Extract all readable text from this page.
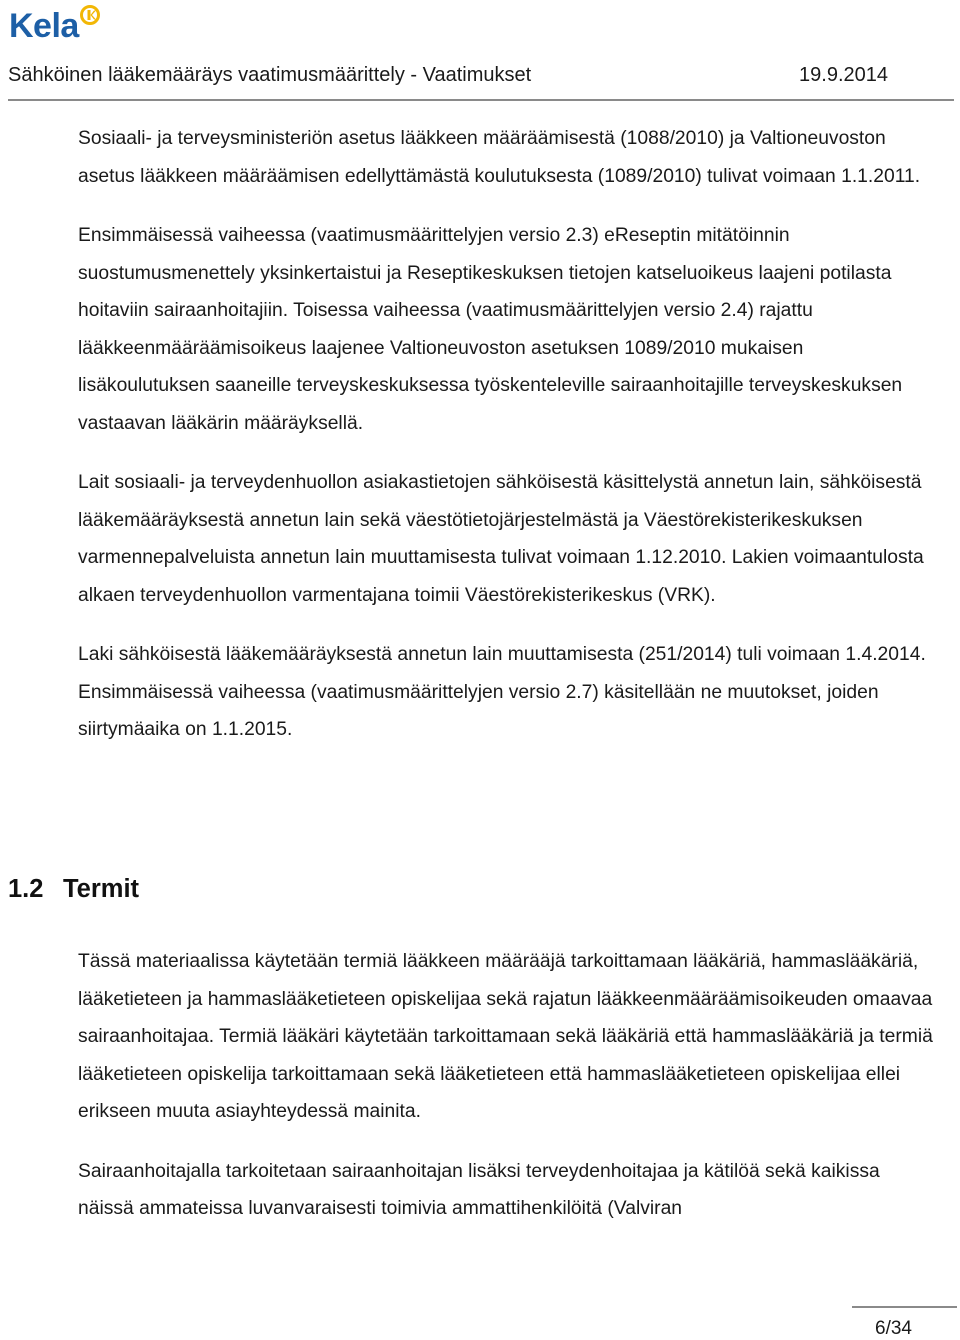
Kela
Sähköinen lääkemääräys vaatimusmäärittely - Vaatimukset	19.9.2014

Sosiaali- ja terveysministeriön asetus lääkkeen määräämisestä (1088/2010) ja Valtioneuvoston asetus lääkkeen määräämisen edellyttämästä koulutuksesta (1089/2010) tulivat voimaan 1.1.2011.

Ensimmäisessä vaiheessa (vaatimusmäärittelyjen versio 2.3) eReseptin mitätöinnin suostumusmenettely yksinkertaistui ja Reseptikeskuksen tietojen katseluoikeus laajeni potilasta hoitaviin sairaanhoitajiin. Toisessa vaiheessa (vaatimusmäärittelyjen versio 2.4) rajattu lääkkeenmääräämisoikeus laajenee Valtioneuvoston asetuksen 1089/2010 mukaisen lisäkoulutuksen saaneille terveyskeskuksessa työskenteleville sairaanhoitajille terveyskeskuksen vastaavan lääkärin määräyksellä.

Lait sosiaali- ja terveydenhuollon asiakastietojen sähköisestä käsittelystä annetun lain, sähköisestä lääkemääräyksestä annetun lain sekä väestötietojärjestelmästä ja Väestörekisterikeskuksen varmennepalveluista annetun lain muuttamisesta tulivat voimaan 1.12.2010. Lakien voimaantulosta alkaen terveydenhuollon varmentajana toimii Väestörekisterikeskus (VRK).

Laki sähköisestä lääkemääräyksestä annetun lain muuttamisesta (251/2014) tuli voimaan 1.4.2014. Ensimmäisessä vaiheessa (vaatimusmäärittelyjen versio 2.7) käsitellään ne muutokset, joiden siirtymäaika on 1.1.2015.

1.2 Termit

Tässä materiaalissa käytetään termiä lääkkeen määrääjä tarkoittamaan lääkäriä, hammaslääkäriä, lääketieteen ja hammaslääketieteen opiskelijaa sekä rajatun lääkkeenmääräämisoikeuden omaavaa sairaanhoitajaa. Termiä lääkäri käytetään tarkoittamaan sekä lääkäriä että hammaslääkäriä ja termiä lääketieteen opiskelija tarkoittamaan sekä lääketieteen että hammaslääketieteen opiskelijaa ellei erikseen muuta asiayhteydessä mainita.

Sairaanhoitajalla tarkoitetaan sairaanhoitajan lisäksi terveydenhoitajaa ja kätilöä sekä kaikissa näissä ammateissa luvanvaraisesti toimivia ammattihenkilöitä (Valviran

6/34
